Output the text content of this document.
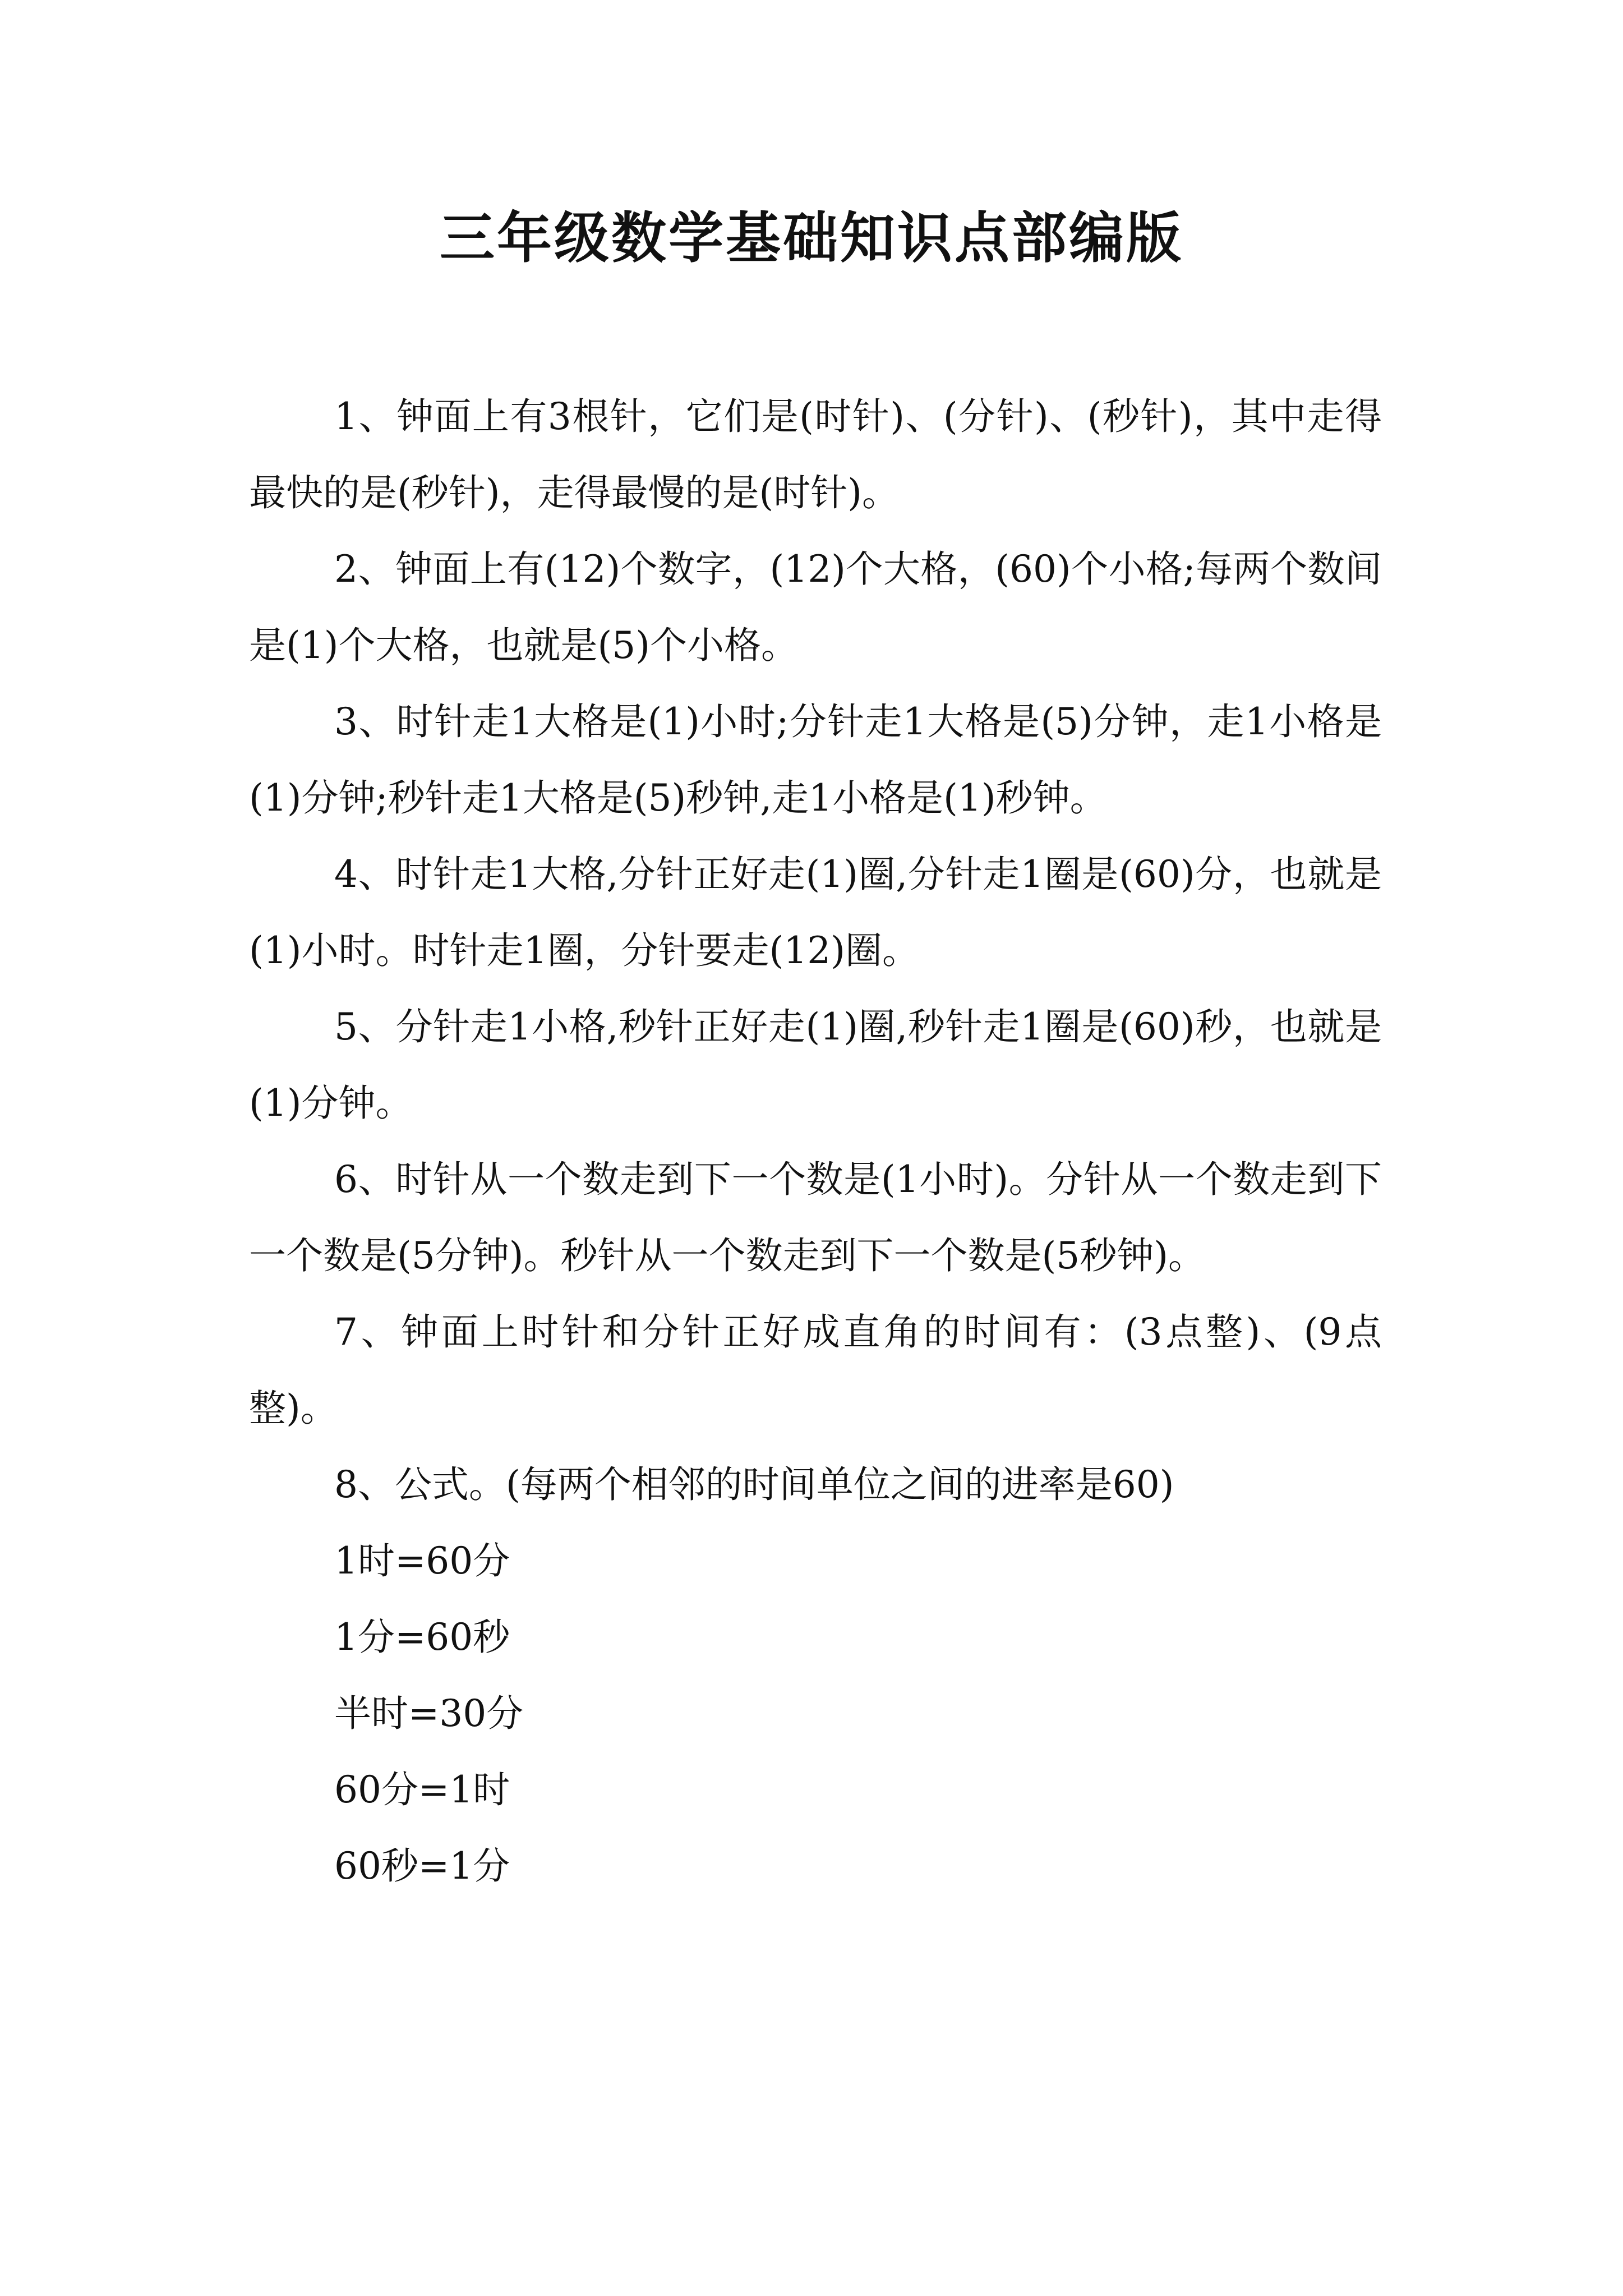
三年级数学基础知识点部编版

1、钟面上有3根针，它们是(时针)、(分针)、(秒针)，其中走得最快的是(秒针)，走得最慢的是(时针)。

2、钟面上有(12)个数字，(12)个大格，(60)个小格;每两个数间是(1)个大格，也就是(5)个小格。

3、时针走1大格是(1)小时;分针走1大格是(5)分钟，走1小格是(1)分钟;秒针走1大格是(5)秒钟,走1小格是(1)秒钟。

4、时针走1大格,分针正好走(1)圈,分针走1圈是(60)分，也就是(1)小时。时针走1圈，分针要走(12)圈。

5、分针走1小格,秒针正好走(1)圈,秒针走1圈是(60)秒，也就是(1)分钟。

6、时针从一个数走到下一个数是(1小时)。分针从一个数走到下一个数是(5分钟)。秒针从一个数走到下一个数是(5秒钟)。

7、钟面上时针和分针正好成直角的时间有：(3点整)、(9点整)。

8、公式。(每两个相邻的时间单位之间的进率是60)

1时=60分

1分=60秒

半时=30分

60分=1时

60秒=1分
